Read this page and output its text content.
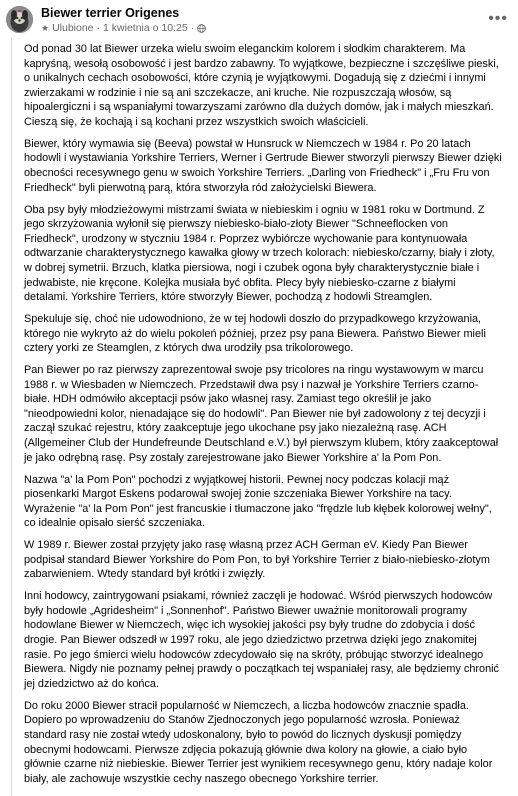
Biewer terrier Origenes
★ Ulubione · 1 kwietnia o 10:25 ·
•••

Od ponad 30 lat Biewer urzeka wielu swoim eleganckim kolorem i słodkim charakterem. Ma kapryśną, wesołą osobowość i jest bardzo zabawny. To wyjątkowe, bezpieczne i szczęśliwe pieski, o unikalnych cechach osobowości, które czynią je wyjątkowymi. Dogadują się z dziećmi i innymi zwierzakami w rodzinie i nie są ani szczekacze, ani kruche. Nie rozpuszczają włosów, są hipoalergiczni i są wspaniałymi towarzyszami zarówno dla dużych domów, jak i małych mieszkań. Cieszą się, że kochają i są kochani przez wszystkich swoich właścicieli.

Biewer, który wymawia się (Beeva) powstał w Hunsruck w Niemczech w 1984 r. Po 20 latach hodowli i wystawiania Yorkshire Terriers, Werner i Gertrude Biewer stworzyli pierwszy Biewer dzięki obecności recesywnego genu w swoich Yorkshire Terriers. „Darling von Friedheck" i „Fru Fru von Friedheck" byli pierwotną parą, która stworzyła ród założycielski Biewera.

Oba psy były młodzieżowymi mistrzami świata w niebieskim i ogniu w 1981 roku w Dortmund. Z jego skrzyżowania wyłonił się pierwszy niebiesko-biało-złoty Biewer "Schneeflocken von Friedheck", urodzony w styczniu 1984 r. Poprzez wybiórcze wychowanie para kontynuowała odtwarzanie charakterystycznego kawałka głowy w trzech kolorach: niebiesko/czarny, biały i złoty, w dobrej symetrii. Brzuch, klatka piersiowa, nogi i czubek ogona były charakterystycznie białe i jedwabiste, nie kręcone. Kolejka musiała być obfita. Plecy były niebiesko-czarne z białymi detalami. Yorkshire Terriers, które stworzyły Biewer, pochodzą z hodowli Streamglen.

Spekuluje się, choć nie udowodniono, że w tej hodowli doszło do przypadkowego krzyżowania, którego nie wykryto aż do wielu pokoleń później, przez psy pana Biewera. Państwo Biewer mieli cztery yorki ze Steamglen, z których dwa urodziły psa trikolorowego.

Pan Biewer po raz pierwszy zaprezentował swoje psy tricolores na ringu wystawowym w marcu 1988 r. w Wiesbaden w Niemczech. Przedstawił dwa psy i nazwał je Yorkshire Terriers czarno-białe. HDH odmówiło akceptacji psów jako własnej rasy. Zamiast tego określił je jako "nieodpowiedni kolor, nienadające się do hodowli". Pan Biewer nie był zadowolony z tej decyzji i zaczął szukać rejestru, który zaakceptuje jego ukochane psy jako niezależną rasę. ACH (Allgemeiner Club der Hundefreunde Deutschland e.V.) był pierwszym klubem, który zaakceptował je jako odrębną rasę. Psy zostały zarejestrowane jako Biewer Yorkshire a' la Pom Pon.

Nazwa "a' la Pom Pon" pochodzi z wyjątkowej historii. Pewnej nocy podczas kolacji mąż piosenkarki Margot Eskens podarował swojej żonie szczeniaka Biewer Yorkshire na tacy. Wyrażenie "a' la Pom Pon" jest francuskie i tłumaczone jako "frędzle lub kłębek kolorowej wełny", co idealnie opisało sierść szczeniaka.

W 1989 r. Biewer został przyjęty jako rasę własną przez ACH German eV. Kiedy Pan Biewer podpisał standard Biewer Yorkshire do Pom Pon, to był Yorkshire Terrier z biało-niebiesko-złotym zabarwieniem. Wtedy standard był krótki i zwięzły.

Inni hodowcy, zaintrygowani psiakami, również zaczęli je hodować. Wśród pierwszych hodowców były hodowle „Agridesheim" i „Sonnenhof". Państwo Biewer uważnie monitorowali programy hodowlane Biewer w Niemczech, więc ich wysokiej jakości psy były trudne do zdobycia i dość drogie. Pan Biewer odszedł w 1997 roku, ale jego dziedzictwo przetrwa dzięki jego znakomitej rasie. Po jego śmierci wielu hodowców zdecydowało się na skróty, próbując stworzyć idealnego Biewera. Nigdy nie poznamy pełnej prawdy o początkach tej wspaniałej rasy, ale będziemy chronić jej dziedzictwo aż do końca.

Do roku 2000 Biewer stracił popularność w Niemczech, a liczba hodowców znacznie spadła. Dopiero po wprowadzeniu do Stanów Zjednoczonych jego popularność wzrosła. Ponieważ standard rasy nie został wtedy udoskonalony, było to powód do licznych dyskusji pomiędzy obecnymi hodowcami. Pierwsze zdjęcia pokazują głównie dwa kolory na głowie, a ciało było głównie czarne niż niebieskie. Biewer Terrier jest wynikiem recesywnego genu, który nadaje kolor biały, ale zachowuje wszystkie cechy naszego obecnego Yorkshire terrier.
